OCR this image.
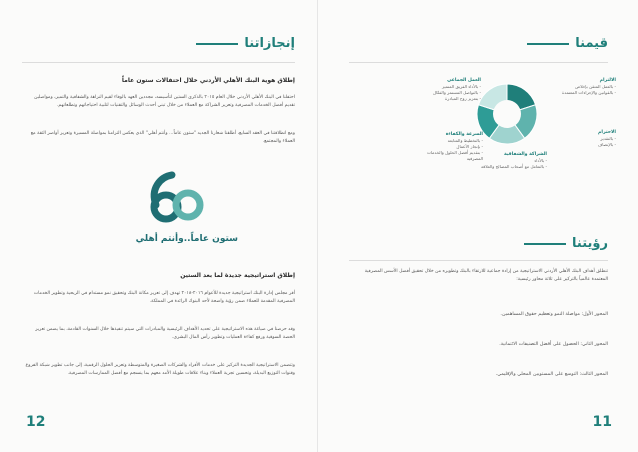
إنجازاتنا
إطلاق هوية البنك الأهلي الأردني خلال احتفالات ستون عاماً
احتفلنا في البنك الأهلي الأردني خلال العام ٢٠١٥ بالذكرى الستين لتأسيسه، مجددين العهد بالوفاء لقيم النزاهة والشفافية والتميز، ومواصلين تقديم أفضل الخدمات المصرفية وتعزيز الشراكة مع العملاء من خلال تبني أحدث الوسائل والتقنيات لتلبية احتياجاتهم وتطلعاتهم.
ومع انطلاقتنا في العقد السابع، أطلقنا شعارنا الجديد "ستون عاماً... وأنتم أهلي" الذي يعكس التزامنا بمواصلة المسيرة وتعزيز أواصر الثقة مع العملاء والمجتمع.
ستون عاماً..وأنتم أهلي
إطلاق استراتيجية جديدة لما بعد الستين
أقر مجلس إدارة البنك استراتيجية جديدة للأعوام ٢٠١٦-٢٠١٨ تهدف إلى تعزيز مكانة البنك وتحقيق نمو مستدام في الربحية وتطوير الخدمات المصرفية المقدمة للعملاء ضمن رؤية واضحة لأحد البنوك الرائدة في المملكة.
وقد حرصنا في صياغة هذه الاستراتيجية على تحديد الأهداف الرئيسية والمبادرات التي سيتم تنفيذها خلال السنوات القادمة، بما يضمن تعزيز الحصة السوقية ورفع كفاءة العمليات وتطوير رأس المال البشري.
وتتضمن الاستراتيجية الجديدة التركيز على خدمات الأفراد والشركات الصغيرة والمتوسطة وتعزيز الحلول الرقمية، إلى جانب تطوير شبكة الفروع وقنوات التوزيع البديلة، وتحسين تجربة العملاء وبناء علاقات طويلة الأمد معهم بما ينسجم مع أفضل الممارسات المصرفية.
12
قيمنا
العمل الجماعي
- بالأداء الفريق المتميز
- بالتواصل المستمر والفعّال
- بتعزيز روح المبادرة
الالتزام
- بالعمل المتقن بإخلاص
- بالقوانين والإجراءات المعتمدة
الاحترام
- بالتقدير
- بالإنصاف
السرعة والكفاءة
- بالتخطيط والمتابعة
- بإنجاز الأعمال
- بتقديم أفضل الحلول والخدمات المصرفية
الشراكة والشفافية
- بالأداء
- بالتعامل مع أصحاب المصالح والعلاقة
رؤيتنا
تنطلق أهداف البنك الأهلي الأردني الاستراتيجية من إرادة جماعية للارتقاء بالبنك وتطويره من خلال تحقيق أفضل الأسس المصرفية المعتمدة عالمياً بالتركيز على ثلاثة محاور رئيسية:
المحور الأول: مواصلة النمو وتعظيم حقوق المساهمين.
المحور الثاني: الحصول على أفضل التصنيفات الائتمانية.
المحور الثالث: التوسع على المستويين المحلي والإقليمي.
11
